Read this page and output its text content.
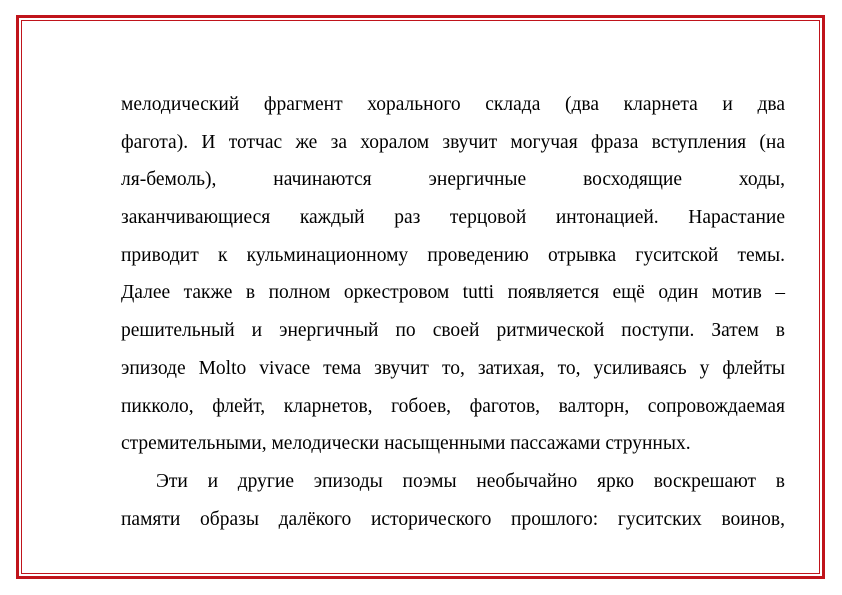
мелодический фрагмент хорального склада (два кларнета и два
фагота). И тотчас же за хоралом звучит могучая фраза вступления (на
ля-бемоль), начинаются энергичные восходящие ходы,
заканчивающиеся каждый раз терцовой интонацией. Нарастание
приводит к кульминационному проведению отрывка гуситской темы.
Далее также в полном оркестровом tutti появляется ещё один мотив –
решительный и энергичный по своей ритмической поступи. Затем в
эпизоде Molto vivace тема звучит то, затихая, то, усиливаясь у флейты
пикколо, флейт, кларнетов, гобоев, фаготов, валторн, сопровождаемая
стремительными, мелодически насыщенными пассажами струнных.
Эти и другие эпизоды поэмы необычайно ярко воскрешают в
памяти образы далёкого исторического прошлого: гуситских воинов,
